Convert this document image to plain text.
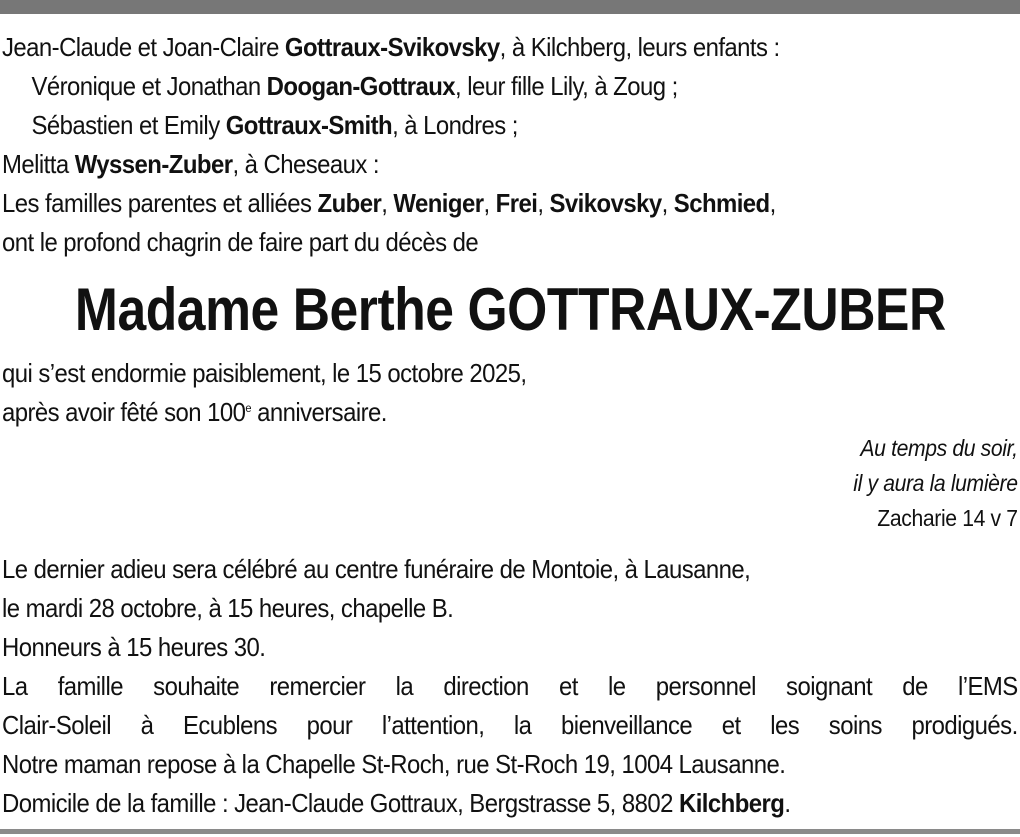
Jean-Claude et Joan-Claire Gottraux-Svikovsky, à Kilchberg, leurs enfants :
Véronique et Jonathan Doogan-Gottraux, leur fille Lily, à Zoug ;
Sébastien et Emily Gottraux-Smith, à Londres ;
Melitta Wyssen-Zuber, à Cheseaux :
Les familles parentes et alliées Zuber, Weniger, Frei, Svikovsky, Schmied,
ont le profond chagrin de faire part du décès de
Madame Berthe GOTTRAUX-ZUBER
qui s’est endormie paisiblement, le 15 octobre 2025,
après avoir fêté son 100e anniversaire.
Au temps du soir,
il y aura la lumière
Zacharie 14 v 7
Le dernier adieu sera célébré au centre funéraire de Montoie, à Lausanne,
le mardi 28 octobre, à 15 heures, chapelle B.
Honneurs à 15 heures 30.
La famille souhaite remercier la direction et le personnel soignant de l’EMS
Clair-Soleil à Ecublens pour l’attention, la bienveillance et les soins prodigués.
Notre maman repose à la Chapelle St-Roch, rue St-Roch 19, 1004 Lausanne.
Domicile de la famille : Jean-Claude Gottraux, Bergstrasse 5, 8802 Kilchberg.
